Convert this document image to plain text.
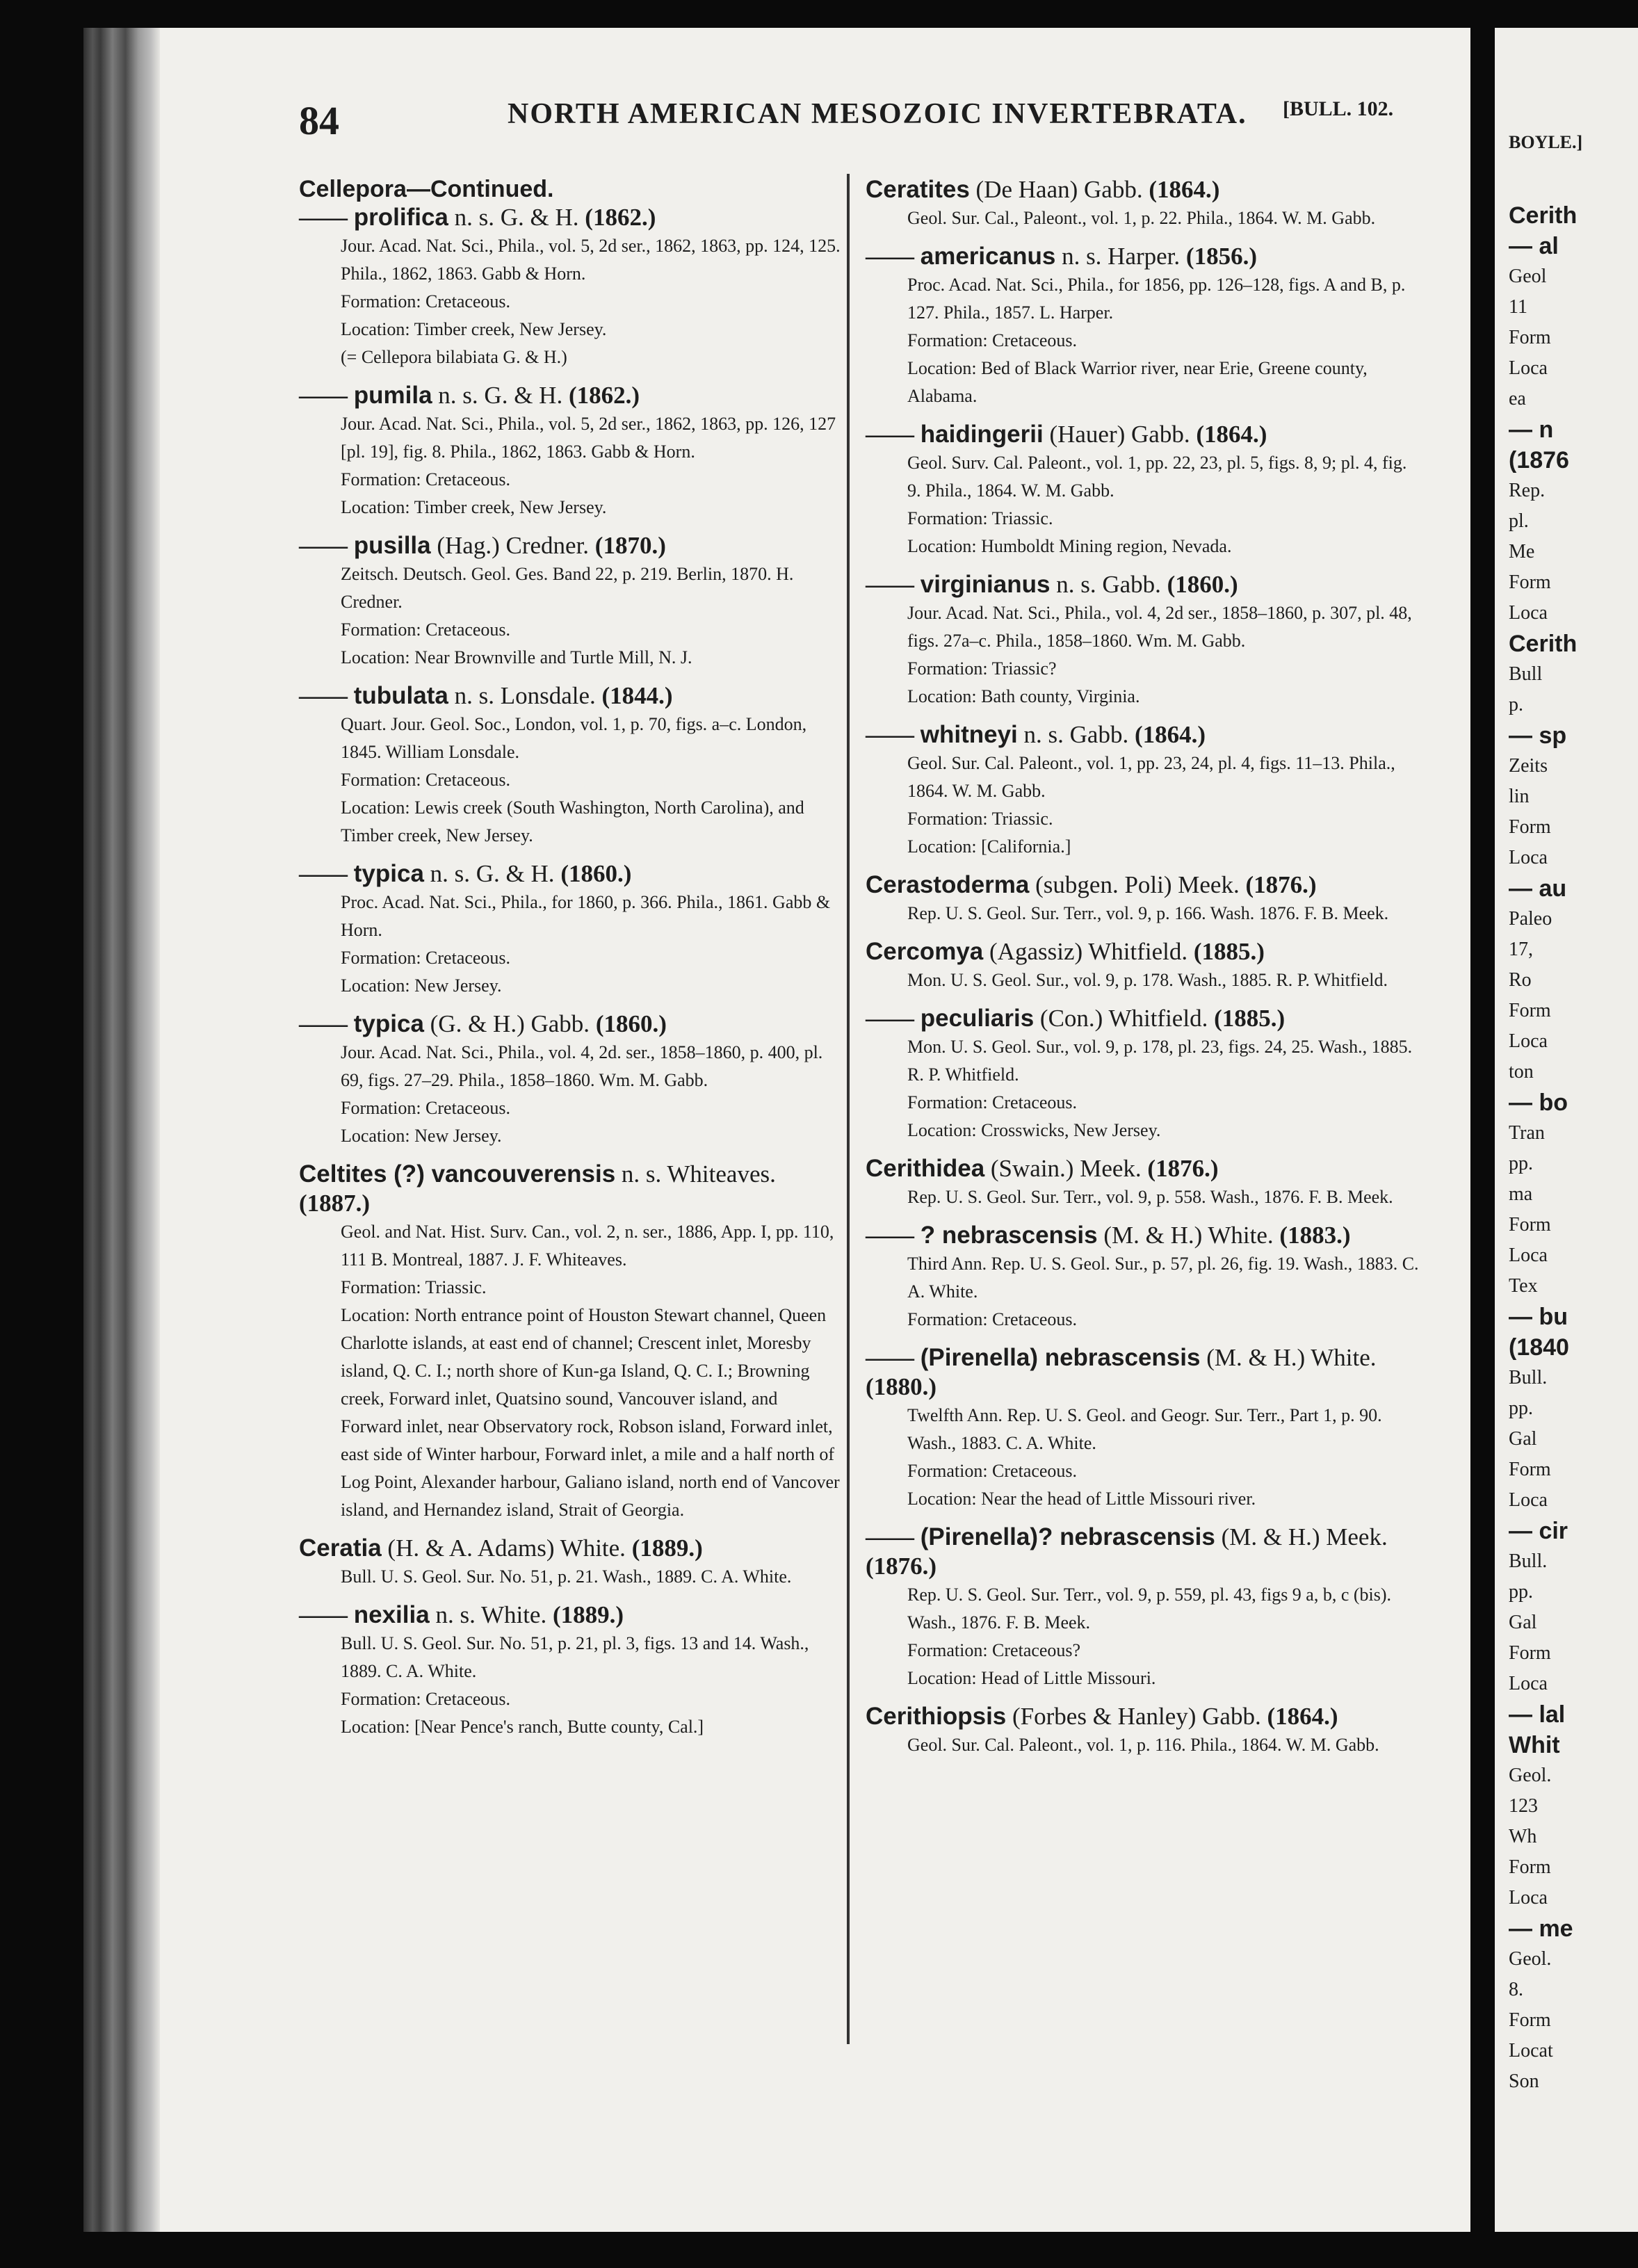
84	NORTH AMERICAN MESOZOIC INVERTEBRATA. [BULL. 102.
Cellepora—Continued.
—— prolifica n. s. G. & H. (1862.)
Jour. Acad. Nat. Sci., Phila., vol. 5, 2d ser., 1862, 1863, pp. 124, 125. Phila., 1862, 1863. Gabb & Horn.
Formation: Cretaceous.
Location: Timber creek, New Jersey.
(= Cellepora bilabiata G. & H.)
—— pumila n. s. G. & H. (1862.)
Jour. Acad. Nat. Sci., Phila., vol. 5, 2d ser., 1862, 1863, pp. 126, 127 [pl. 19], fig. 8. Phila., 1862, 1863. Gabb & Horn.
Formation: Cretaceous.
Location: Timber creek, New Jersey.
—— pusilla (Hag.) Credner. (1870.)
Zeitsch. Deutsch. Geol. Ges. Band 22, p. 219. Berlin, 1870. H. Credner.
Formation: Cretaceous.
Location: Near Brownville and Turtle Mill, N. J.
—— tubulata n. s. Lonsdale. (1844.)
Quart. Jour. Geol. Soc., London, vol. 1, p. 70, figs. a–c. London, 1845. William Lonsdale.
Formation: Cretaceous.
Location: Lewis creek (South Washington, North Carolina), and Timber creek, New Jersey.
—— typica n. s. G. & H. (1860.)
Proc. Acad. Nat. Sci., Phila., for 1860, p. 366. Phila., 1861. Gabb & Horn.
Formation: Cretaceous.
Location: New Jersey.
—— typica (G. & H.) Gabb. (1860.)
Jour. Acad. Nat. Sci., Phila., vol. 4, 2d. ser., 1858–1860, p. 400, pl. 69, figs. 27–29. Phila., 1858–1860. Wm. M. Gabb.
Formation: Cretaceous.
Location: New Jersey.
Celtites (?) vancouverensis n. s. Whiteaves. (1887.)
Geol. and Nat. Hist. Surv. Can., vol. 2, n. ser., 1886, App. I, pp. 110, 111 B. Montreal, 1887. J. F. Whiteaves.
Formation: Triassic.
Location: North entrance point of Houston Stewart channel, Queen Charlotte islands, at east end of channel; Crescent inlet, Moresby island, Q. C. I.; north shore of Kun-ga Island, Q. C. I.; Browning creek, Forward inlet, Quatsino sound, Vancouver island, and Forward inlet, near Observatory rock, Robson island, Forward inlet, east side of Winter harbour, Forward inlet, a mile and a half north of Log Point, Alexander harbour, Galiano island, north end of Vancover island, and Hernandez island, Strait of Georgia.
Ceratia (H. & A. Adams) White. (1889.)
Bull. U. S. Geol. Sur. No. 51, p. 21. Wash., 1889. C. A. White.
—— nexilia n. s. White. (1889.)
Bull. U. S. Geol. Sur. No. 51, p. 21, pl. 3, figs. 13 and 14. Wash., 1889. C. A. White.
Formation: Cretaceous.
Location: [Near Pence's ranch, Butte county, Cal.]
Ceratites (De Haan) Gabb. (1864.)
Geol. Sur. Cal., Paleont., vol. 1, p. 22. Phila., 1864. W. M. Gabb.
—— americanus n. s. Harper. (1856.)
Proc. Acad. Nat. Sci., Phila., for 1856, pp. 126–128, figs. A and B, p. 127. Phila., 1857. L. Harper.
Formation: Cretaceous.
Location: Bed of Black Warrior river, near Erie, Greene county, Alabama.
—— haidingerii (Hauer) Gabb. (1864.)
Geol. Surv. Cal. Paleont., vol. 1, pp. 22, 23, pl. 5, figs. 8, 9; pl. 4, fig. 9. Phila., 1864. W. M. Gabb.
Formation: Triassic.
Location: Humboldt Mining region, Nevada.
—— virginianus n. s. Gabb. (1860.)
Jour. Acad. Nat. Sci., Phila., vol. 4, 2d ser., 1858–1860, p. 307, pl. 48, figs. 27a–c. Phila., 1858–1860. Wm. M. Gabb.
Formation: Triassic?
Location: Bath county, Virginia.
—— whitneyi n. s. Gabb. (1864.)
Geol. Sur. Cal. Paleont., vol. 1, pp. 23, 24, pl. 4, figs. 11–13. Phila., 1864. W. M. Gabb.
Formation: Triassic.
Location: [California.]
Cerastoderma (subgen. Poli) Meek. (1876.)
Rep. U. S. Geol. Sur. Terr., vol. 9, p. 166. Wash. 1876. F. B. Meek.
Cercomya (Agassiz) Whitfield. (1885.)
Mon. U. S. Geol. Sur., vol. 9, p. 178. Wash., 1885. R. P. Whitfield.
—— peculiaris (Con.) Whitfield. (1885.)
Mon. U. S. Geol. Sur., vol. 9, p. 178, pl. 23, figs. 24, 25. Wash., 1885. R. P. Whitfield.
Formation: Cretaceous.
Location: Crosswicks, New Jersey.
Cerithidea (Swain.) Meek. (1876.)
Rep. U. S. Geol. Sur. Terr., vol. 9, p. 558. Wash., 1876. F. B. Meek.
—— ? nebrascensis (M. & H.) White. (1883.)
Third Ann. Rep. U. S. Geol. Sur., p. 57, pl. 26, fig. 19. Wash., 1883. C. A. White.
Formation: Cretaceous.
—— (Pirenella) nebrascensis (M. & H.) White. (1880.)
Twelfth Ann. Rep. U. S. Geol. and Geogr. Sur. Terr., Part 1, p. 90. Wash., 1883. C. A. White.
Formation: Cretaceous.
Location: Near the head of Little Missouri river.
—— (Pirenella)? nebrascensis (M. & H.) Meek. (1876.)
Rep. U. S. Geol. Sur. Terr., vol. 9, p. 559, pl. 43, figs 9 a, b, c (bis). Wash., 1876. F. B. Meek.
Formation: Cretaceous?
Location: Head of Little Missouri.
Cerithiopsis (Forbes & Hanley) Gabb. (1864.)
Geol. Sur. Cal. Paleont., vol. 1, p. 116. Phila., 1864. W. M. Gabb.
BOYLE.]
Cerith
— al
Geol
11
Form
Loca
ea
— n
(1876
Rep.
pl.
Me
Form
Loca
Cerith
Bull
p.
— sp
Zeits
lin
Form
Loca
— au
Paleo
17,
Ro
Form
Loca
ton
— bo
Tran
pp.
ma
Form
Loca
Tex
— bu
(1840
Bull.
pp.
Gal
Form
Loca
— cir
Bull.
pp.
Gal
Form
Loca
— lal
Whit
Geol.
123
Wh
Form
Loca
— me
Geol.
8.
Form
Locat
Son
